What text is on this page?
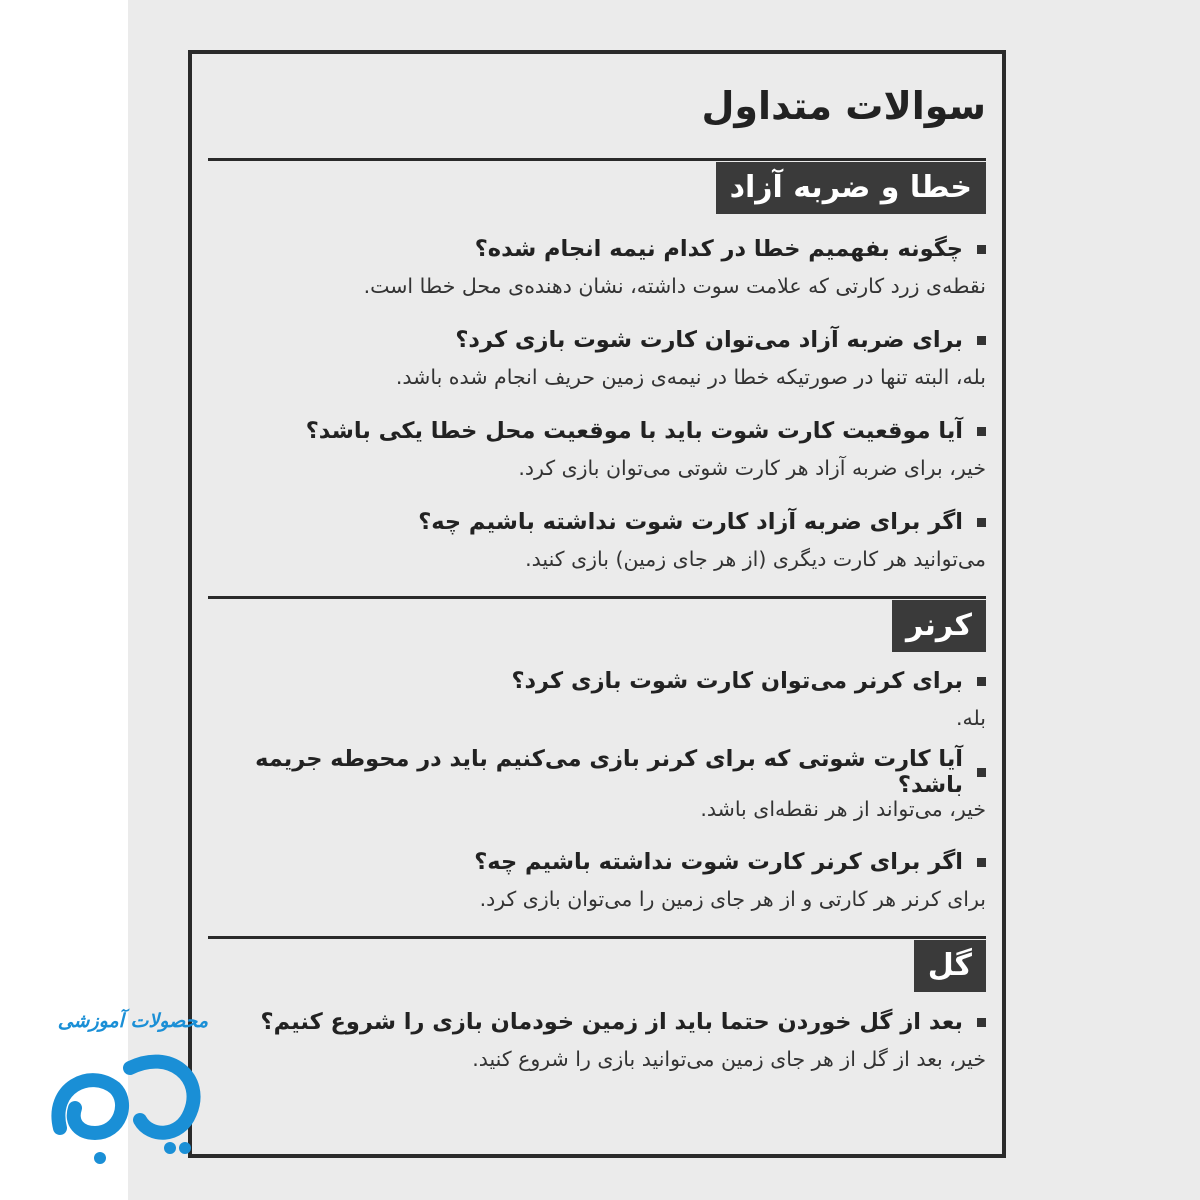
سوالات متداول
خطا و ضربه آزاد
چگونه بفهمیم خطا در کدام نیمه انجام شده؟
نقطه‌ی زرد کارتی که علامت سوت داشته، نشان دهنده‌ی محل خطا است.
برای ضربه آزاد می‌توان کارت شوت بازی کرد؟
بله، البته تنها در صورتیکه خطا در نیمه‌ی زمین حریف انجام شده باشد.
آیا موقعیت کارت شوت باید با موقعیت محل خطا یکی باشد؟
خیر، برای ضربه آزاد هر کارت شوتی می‌توان بازی کرد.
اگر برای ضربه آزاد کارت شوت نداشته باشیم چه؟
می‌توانید هر کارت دیگری (از هر جای زمین) بازی کنید.
کرنر
برای کرنر می‌توان کارت شوت بازی کرد؟
بله.
آیا کارت شوتی که برای کرنر بازی می‌کنیم باید در محوطه جریمه باشد؟
خیر، می‌تواند از هر نقطه‌ای باشد.
اگر برای کرنر کارت شوت نداشته باشیم چه؟
برای کرنر هر کارتی و از هر جای زمین را می‌توان بازی کرد.
گل
بعد از گل خوردن حتما باید از زمین خودمان بازی را شروع کنیم؟
خیر، بعد از گل از هر جای زمین می‌توانید بازی را شروع کنید.
محصولات آموزشی
